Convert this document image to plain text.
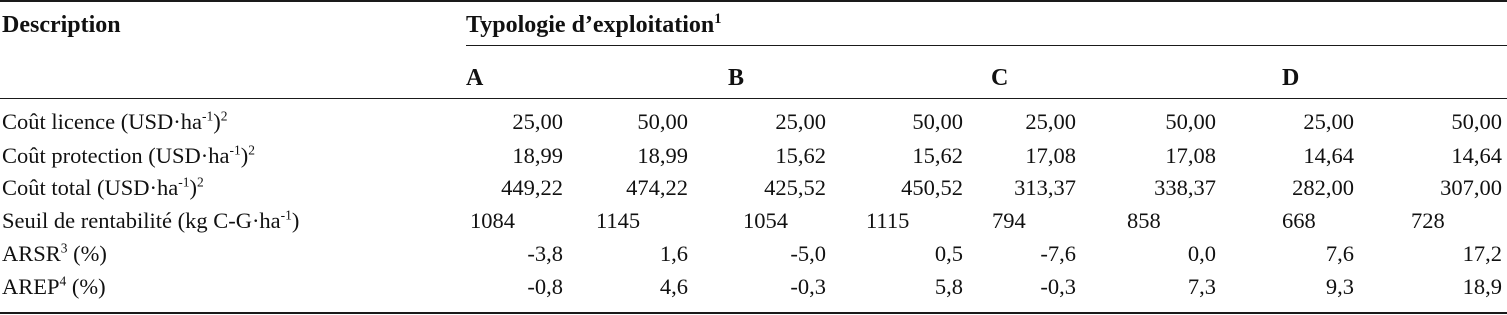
Description	Typologie d’exploitation$^1$
A	B	C	D
Coût licence $(USD\cdot ha^{-1})^2$	25,00	50,00	25,00	50,00	25,00	50,00	25,00	50,00
Coût protection $(USD\cdot ha^{-1})^2$	18,99	18,99	15,62	15,62	17,08	17,08	14,64	14,64
Coût total $(USD\cdot ha^{-1})^2$	449,22	474,22	425,52	450,52 313,37	338,37	282,00	307,00
Seuil de rentabilité (kg $C-G\cdot ha^{-1}$)	1084	1145	1054	1115	794	858	668	728
ARSR$^3$ (%)	-3,8	1,6	-5,0	0,5	-7,6	0,0	7,6	17,2
AREP$^4$ (%)	-0,8	4,6	-0,3	5,8	-0,3	7,3	9,3	18,9
